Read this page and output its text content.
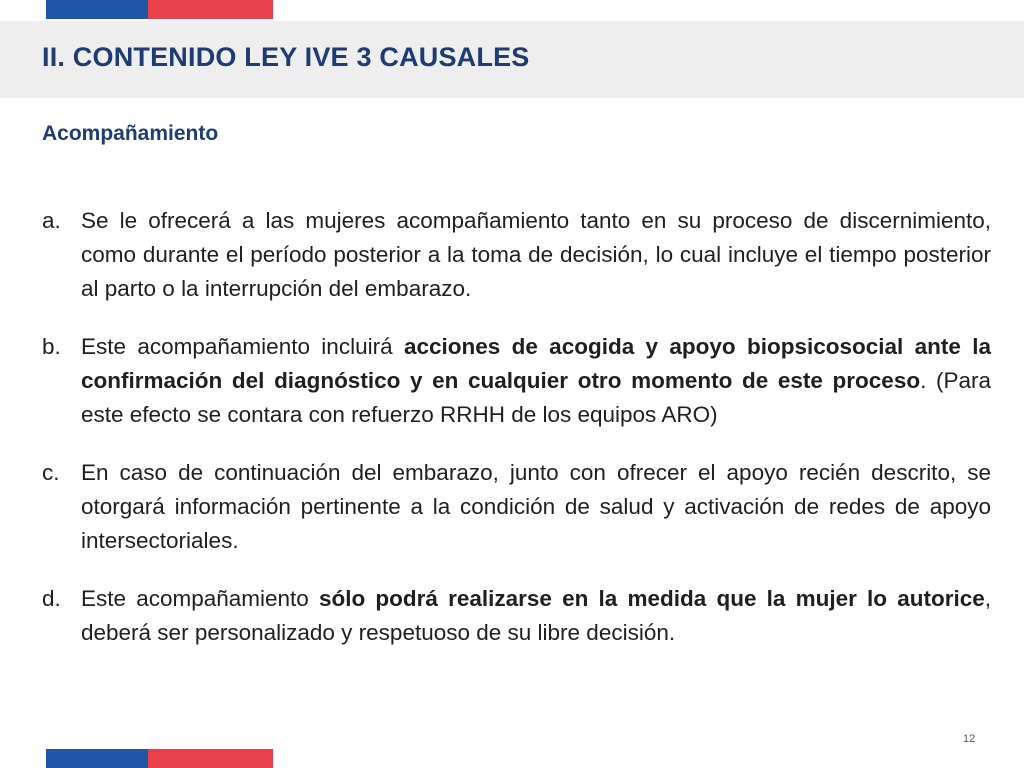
II. CONTENIDO LEY IVE 3 CAUSALES
Acompañamiento
a. Se le ofrecerá a las mujeres acompañamiento tanto en su proceso de discernimiento, como durante el período posterior a la toma de decisión, lo cual incluye el tiempo posterior al parto o la interrupción del embarazo.
b. Este acompañamiento incluirá acciones de acogida y apoyo biopsicosocial ante la confirmación del diagnóstico y en cualquier otro momento de este proceso. (Para este efecto se contara con refuerzo RRHH de los equipos ARO)
c. En caso de continuación del embarazo, junto con ofrecer el apoyo recién descrito, se otorgará información pertinente a la condición de salud y activación de redes de apoyo intersectoriales.
d. Este acompañamiento sólo podrá realizarse en la medida que la mujer lo autorice, deberá ser personalizado y respetuoso de su libre decisión.
12
